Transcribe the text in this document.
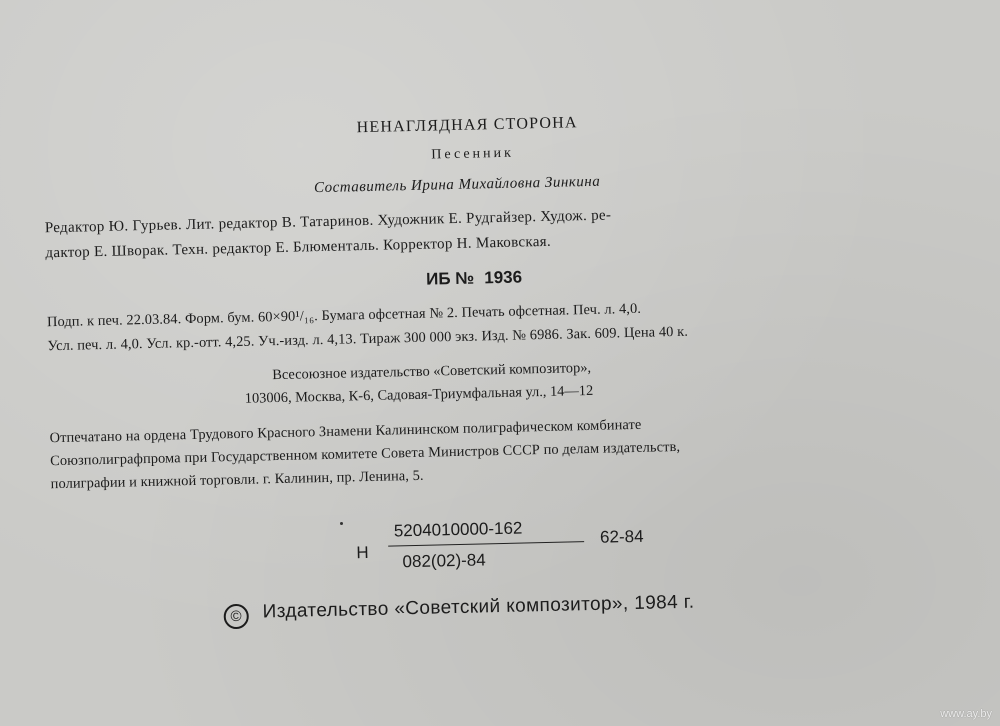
НЕНАГЛЯДНАЯ СТОРОНА
Песенник
Составитель Ирина Михайловна Зинкина
Редактор Ю. Гурьев. Лит. редактор В. Татаринов. Художник Е. Рудгайзер. Худож. ре-
дактор Е. Шворак. Техн. редактор Е. Блюменталь. Корректор Н. Маковская.
ИБ № 1936
Подп. к печ. 22.03.84. Форм. бум. 60×90¹/₁₆. Бумага офсетная № 2. Печать офсетная. Печ. л. 4,0.
Усл. печ. л. 4,0. Усл. кр.-отт. 4,25. Уч.-изд. л. 4,13. Тираж 300 000 экз. Изд. № 6986. Зак. 609. Цена 40 к.
Всесоюзное издательство «Советский композитор»,
103006, Москва, К-6, Садовая-Триумфальная ул., 14—12
Отпечатано на ордена Трудового Красного Знамени Калининском полиграфическом комбинате
Союзполиграфпрома при Государственном комитете Совета Министров СССР по делам издательств,
полиграфии и книжной торговли. г. Калинин, пр. Ленина, 5.
Н
5204010000-162
082(02)-84
62-84
© Издательство «Советский композитор», 1984 г.
www.ay.by
